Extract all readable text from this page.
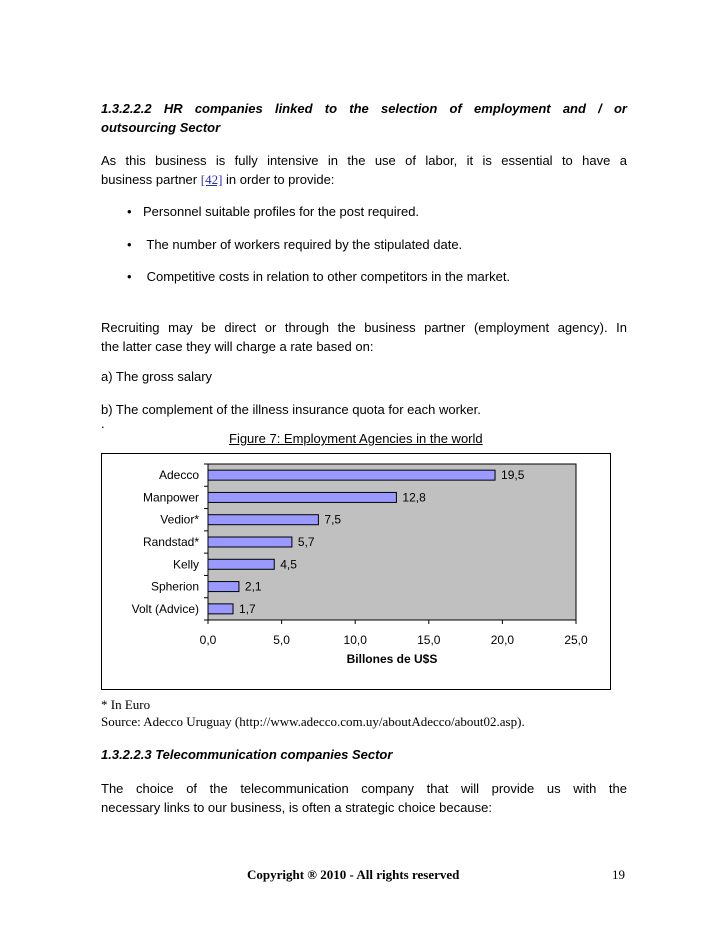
1.3.2.2.2 HR companies linked to the selection of employment and / or
outsourcing Sector
As this business is fully intensive in the use of labor, it is essential to have a
business partner [42] in order to provide:
• Personnel suitable profiles for the post required.
• The number of workers required by the stipulated date.
• Competitive costs in relation to other competitors in the market.
Recruiting may be direct or through the business partner (employment agency). In
the latter case they will charge a rate based on:
a) The gross salary
b) The complement of the illness insurance quota for each worker.
.
Figure 7: Employment Agencies in the world
Adecco	19,5
Manpower	12,8
Vedior*	7,5
Randstad*	5,7
Kelly	4,5
Spherion	2,1
Volt (Advice)	1,7
0,0	5,0	10,0	15,0	20,0	25,0
Billones de U$S
* In Euro
Source: Adecco Uruguay (http://www.adecco.com.uy/aboutAdecco/about02.asp).
1.3.2.2.3 Telecommunication companies Sector
The choice of the telecommunication company that will provide us with the
necessary links to our business, is often a strategic choice because:
Copyright ® 2010 - All rights reserved	19
